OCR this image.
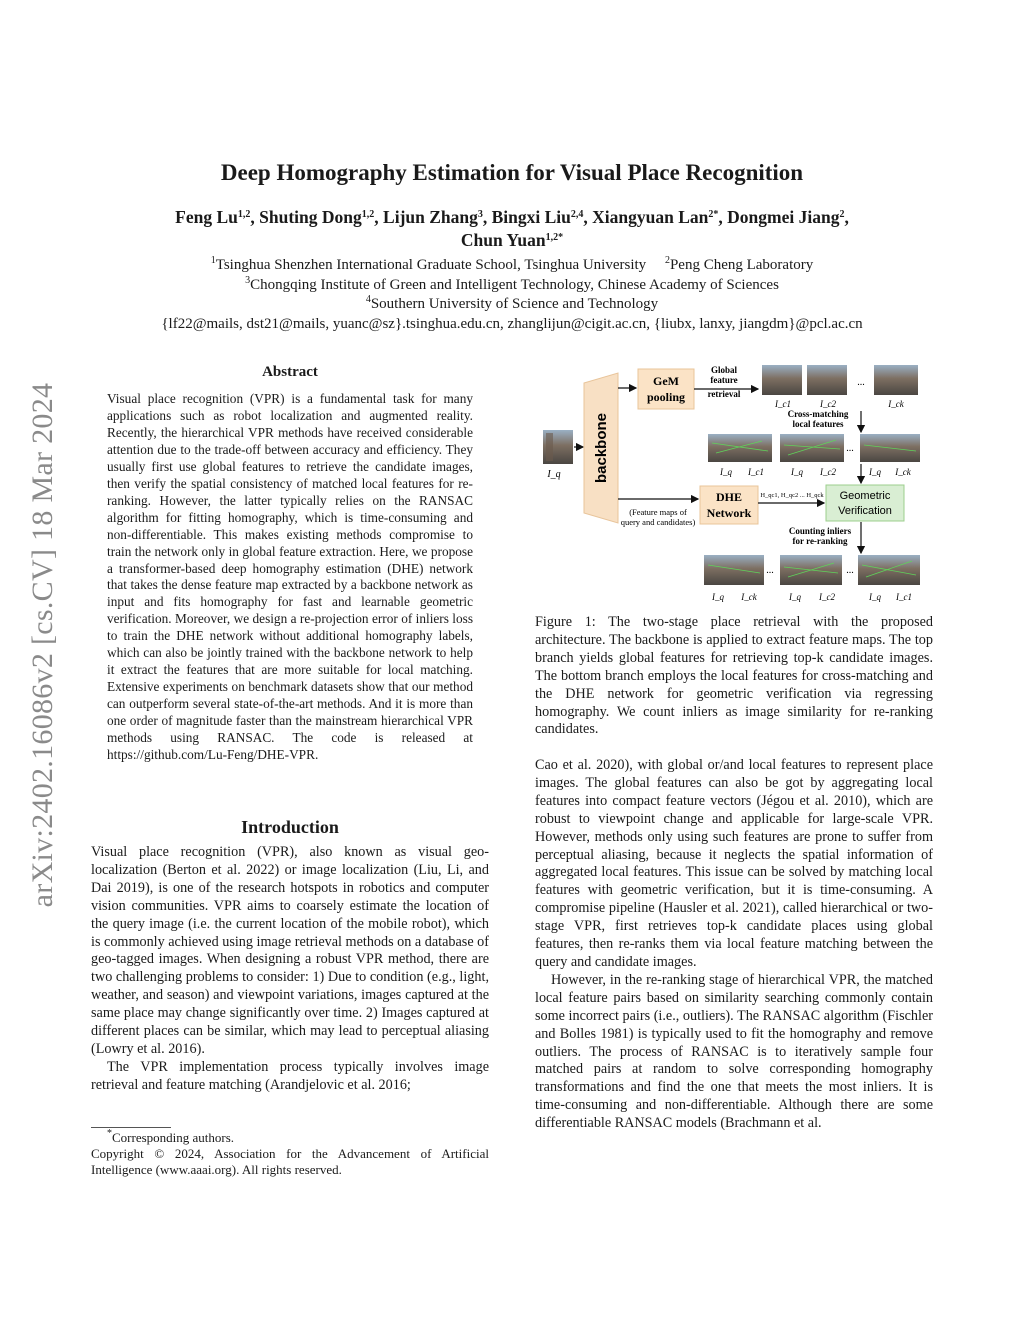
arXiv:2402.16086v2 [cs.CV] 18 Mar 2024
Deep Homography Estimation for Visual Place Recognition
Feng Lu$^{1,2}$, Shuting Dong$^{1,2}$, Lijun Zhang$^3$, Bingxi Liu$^{2,4}$, Xiangyuan Lan$^{2*}$, Dongmei Jiang$^2$,
Chun Yuan$^{1,2*}$
$^1$Tsinghua Shenzhen International Graduate School, Tsinghua University $^2$Peng Cheng Laboratory
$^3$Chongqing Institute of Green and Intelligent Technology, Chinese Academy of Sciences
$^4$Southern University of Science and Technology
{lf22@mails, dst21@mails, yuanc@sz}.tsinghua.edu.cn, zhanglijun@cigit.ac.cn, {liubx, lanxy, jiangdm}@pcl.ac.cn
Abstract

Visual place recognition (VPR) is a fundamental task for many applications such as robot localization and augmented reality. Recently, the hierarchical VPR methods have received considerable attention due to the trade-off between accuracy and efficiency. They usually first use global features to retrieve the candidate images, then verify the spatial consistency of matched local features for re-ranking. However, the latter typically relies on the RANSAC algorithm for fitting homography, which is time-consuming and non-differentiable. This makes existing methods compromise to train the network only in global feature extraction. Here, we propose a transformer-based deep homography estimation (DHE) network that takes the dense feature map extracted by a backbone network as input and fits homography for fast and learnable geometric verification. Moreover, we design a re-projection error of inliers loss to train the DHE network without additional homography labels, which can also be jointly trained with the backbone network to help it extract the features that are more suitable for local matching. Extensive experiments on benchmark datasets show that our method can outperform several state-of-the-art methods. And it is more than one order of magnitude faster than the mainstream hierarchical VPR methods using RANSAC. The code is released at https://github.com/Lu-Feng/DHE-VPR.

Introduction

Visual place recognition (VPR), also known as visual geo-localization (Berton et al. 2022) or image localization (Liu, Li, and Dai 2019), is one of the research hotspots in robotics and computer vision communities. VPR aims to coarsely estimate the location of the query image (i.e. the current location of the mobile robot), which is commonly achieved using image retrieval methods on a database of geo-tagged images. When designing a robust VPR method, there are two challenging problems to consider: 1) Due to condition (e.g., light, weather, and season) and viewpoint variations, images captured at the same place may change significantly over time. 2) Images captured at different places can be similar, which may lead to perceptual aliasing (Lowry et al. 2016).

The VPR implementation process typically involves image retrieval and feature matching (Arandjelovic et al. 2016;

*Corresponding authors.
Copyright © 2024, Association for the Advancement of Artificial Intelligence (www.aaai.org). All rights reserved.
I_q backbone
GeM
pooling
Global
feature
retrieval
...
I_c1	I_c2	I_ck
Cross-matching
local features
...
I_q I_c1	I_q I_c2	I_q I_ck
(Feature maps of
query and candidates)
DHE
Network
H_qc1, H_qc2 ... H_qck Geometric
Verification
Counting inliers
for re-ranking
...	...
I_q I_ck	I_q I_c2	I_q I_c1

Figure 1: The two-stage place retrieval with the proposed architecture. The backbone is applied to extract feature maps. The top branch yields global features for retrieving top-k candidate images. The bottom branch employs the local features for cross-matching and the DHE network for geometric verification via regressing homography. We count inliers as image similarity for re-ranking candidates.

Cao et al. 2020), with global or/and local features to represent place images. The global features can also be got by aggregating local features into compact feature vectors (Jégou et al. 2010), which are robust to viewpoint change and applicable for large-scale VPR. However, methods only using such features are prone to suffer from perceptual aliasing, because it neglects the spatial information of aggregated local features. This issue can be solved by matching local features with geometric verification, but it is time-consuming. A compromise pipeline (Hausler et al. 2021), called hierarchical or two-stage VPR, first retrieves top-k candidate places using global features, then re-ranks them via local feature matching between the query and candidate images.

However, in the re-ranking stage of hierarchical VPR, the matched local feature pairs based on similarity searching commonly contain some incorrect pairs (i.e., outliers). The RANSAC algorithm (Fischler and Bolles 1981) is typically used to fit the homography and remove outliers. The process of RANSAC is to iteratively sample four matched pairs at random to solve corresponding homography transformations and find the one that meets the most inliers. It is time-consuming and non-differentiable. Although there are some differentiable RANSAC models (Brachmann et al.
